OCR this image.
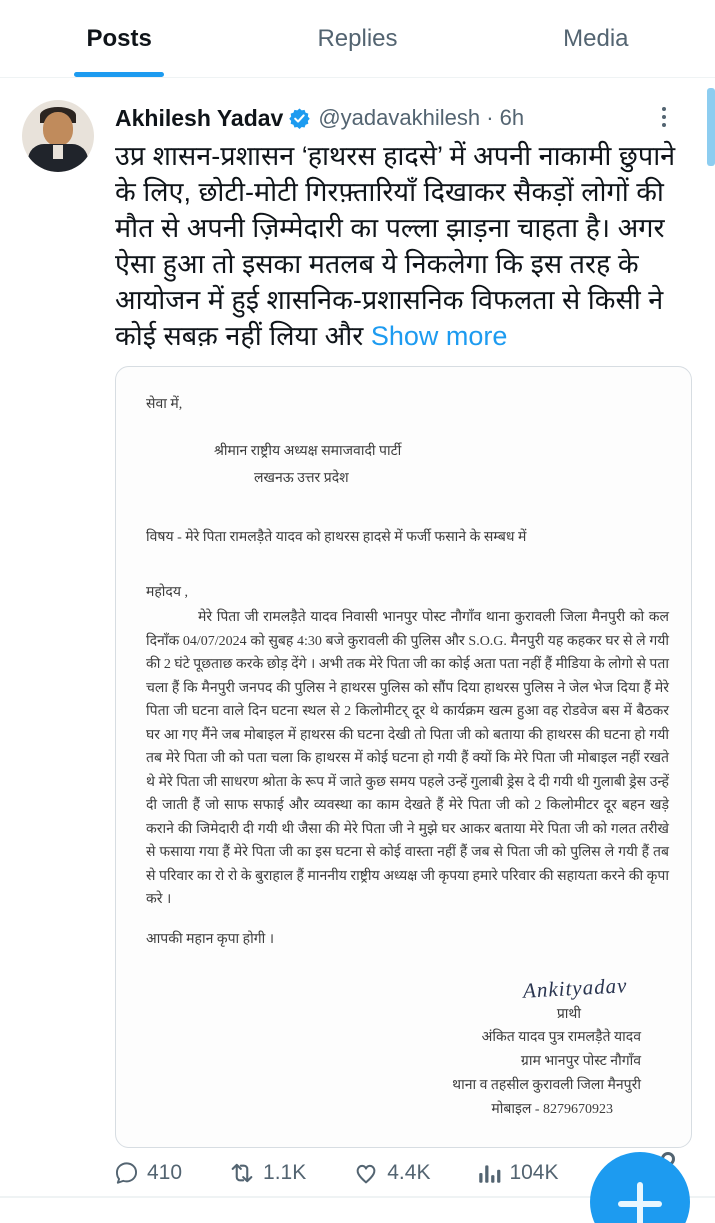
Posts	Replies	Media
Akhilesh Yadav @yadavakhilesh · 6h
उप्र शासन-प्रशासन ‘हाथरस हादसे’ में अपनी नाकामी छुपाने के लिए, छोटी-मोटी गिरफ़्तारियाँ दिखाकर सैकड़ों लोगों की मौत से अपनी ज़िम्मेदारी का पल्ला झाड़ना चाहता है। अगर ऐसा हुआ तो इसका मतलब ये निकलेगा कि इस तरह के आयोजन में हुई शासनिक-प्रशासनिक विफलता से किसी ने कोई सबक़ नहीं लिया और Show more
सेवा में,
श्रीमान राष्ट्रीय अध्यक्ष समाजवादी पार्टी
लखनऊ उत्तर प्रदेश
विषय - मेरे पिता रामलड़ैते यादव को हाथरस हादसे में फर्जी फसाने के सम्बध में
महोदय ,
मेरे पिता जी रामलड़ैते यादव निवासी भानपुर पोस्ट नौगाँव थाना कुरावली जिला मैनपुरी को कल दिनाँक 04/07/2024 को सुबह 4:30 बजे कुरावली की पुलिस और S.O.G. मैनपुरी यह कहकर घर से ले गयी की 2 घंटे पूछताछ करके छोड़ देंगे । अभी तक मेरे पिता जी का कोई अता पता नहीं हैं मीडिया के लोगो से पता चला हैं कि मैनपुरी जनपद की पुलिस ने हाथरस पुलिस को सौंप दिया हाथरस पुलिस ने जेल भेज दिया हैं मेरे पिता जी घटना वाले दिन घटना स्थल से 2 किलोमीटर् दूर थे कार्यक्रम खत्म हुआ वह रोडवेज बस में बैठकर घर आ गए मैंने जब मोबाइल में हाथरस की घटना देखी तो पिता जी को बताया की हाथरस की घटना हो गयी तब मेरे पिता जी को पता चला कि हाथरस में कोई घटना हो गयी हैं क्यों कि मेरे पिता जी मोबाइल नहीं रखते थे मेरे पिता जी साधरण श्रोता के रूप में जाते कुछ समय पहले उन्हें गुलाबी ड्रेस दे दी गयी थी गुलाबी ड्रेस उन्हें दी जाती हैं जो साफ सफाई और व्यवस्था का काम देखते हैं मेरे पिता जी को 2 किलोमीटर दूर बहन खड़े कराने की जिमेदारी दी गयी थी जैसा की मेरे पिता जी ने मुझे घर आकर बताया मेरे पिता जी को गलत तरीखे से फसाया गया हैं मेरे पिता जी का इस घटना से कोई वास्ता नहीं हैं जब से पिता जी को पुलिस ले गयी हैं तब से परिवार का रो रो के बुराहाल हैं माननीय राष्ट्रीय अध्यक्ष जी कृपया हमारे परिवार की सहायता करने की कृपा करे ।
आपकी महान कृपा होगी ।
Ankityadav
प्राथी
अंकित यादव पुत्र रामलड़ैते यादव
ग्राम भानपुर पोस्ट नौगाँव
थाना व तहसील कुरावली जिला मैनपुरी
मोबाइल - 8279670923
410	1.1K	4.4K	104K
